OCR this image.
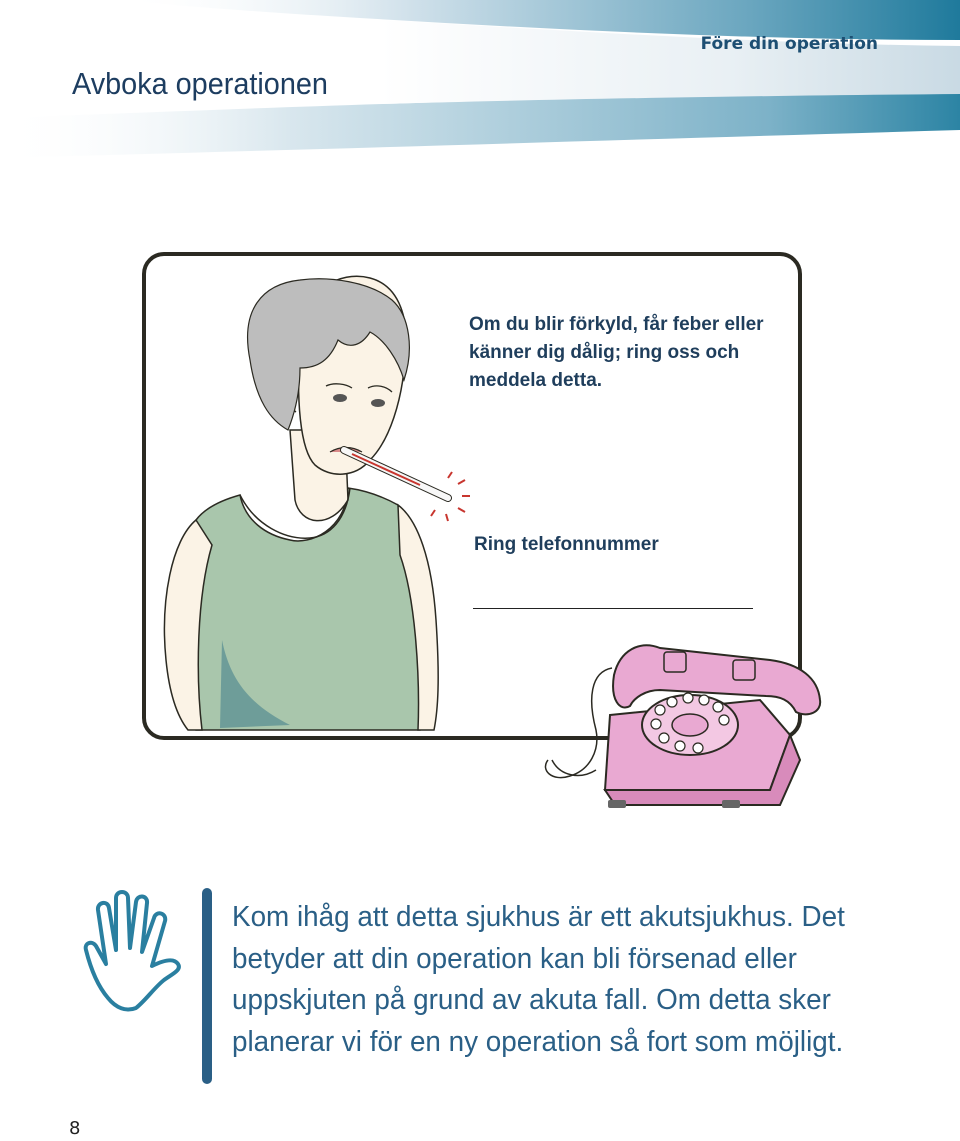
Före din operation
Avboka operationen

Om du blir förkyld, får feber eller känner dig dålig; ring oss och meddela detta.

Ring telefonnummer

Kom ihåg att detta sjukhus är ett akutsjukhus. Det betyder att din operation kan bli försenad eller uppskjuten på grund av akuta fall. Om detta sker planerar vi för en ny operation så fort som möjligt.

8
